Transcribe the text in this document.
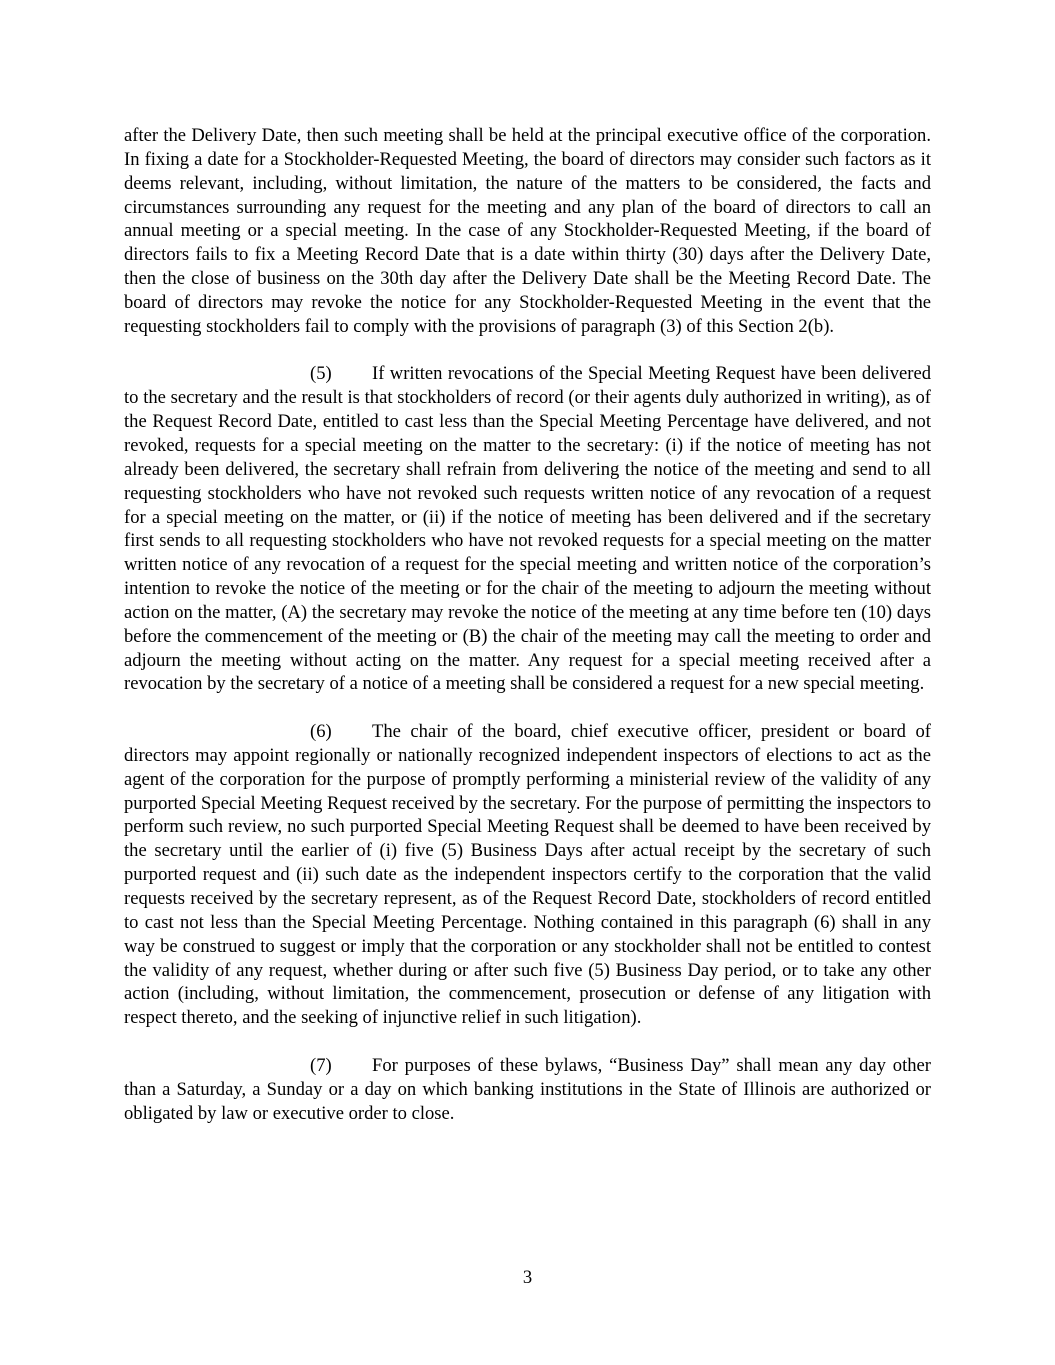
after the Delivery Date, then such meeting shall be held at the principal executive office of the corporation. In fixing a date for a Stockholder-Requested Meeting, the board of directors may consider such factors as it deems relevant, including, without limitation, the nature of the matters to be considered, the facts and circumstances surrounding any request for the meeting and any plan of the board of directors to call an annual meeting or a special meeting. In the case of any Stockholder-Requested Meeting, if the board of directors fails to fix a Meeting Record Date that is a date within thirty (30) days after the Delivery Date, then the close of business on the 30th day after the Delivery Date shall be the Meeting Record Date. The board of directors may revoke the notice for any Stockholder-Requested Meeting in the event that the requesting stockholders fail to comply with the provisions of paragraph (3) of this Section 2(b).

(5) If written revocations of the Special Meeting Request have been delivered to the secretary and the result is that stockholders of record (or their agents duly authorized in writing), as of the Request Record Date, entitled to cast less than the Special Meeting Percentage have delivered, and not revoked, requests for a special meeting on the matter to the secretary: (i) if the notice of meeting has not already been delivered, the secretary shall refrain from delivering the notice of the meeting and send to all requesting stockholders who have not revoked such requests written notice of any revocation of a request for a special meeting on the matter, or (ii) if the notice of meeting has been delivered and if the secretary first sends to all requesting stockholders who have not revoked requests for a special meeting on the matter written notice of any revocation of a request for the special meeting and written notice of the corporation’s intention to revoke the notice of the meeting or for the chair of the meeting to adjourn the meeting without action on the matter, (A) the secretary may revoke the notice of the meeting at any time before ten (10) days before the commencement of the meeting or (B) the chair of the meeting may call the meeting to order and adjourn the meeting without acting on the matter. Any request for a special meeting received after a revocation by the secretary of a notice of a meeting shall be considered a request for a new special meeting.

(6) The chair of the board, chief executive officer, president or board of directors may appoint regionally or nationally recognized independent inspectors of elections to act as the agent of the corporation for the purpose of promptly performing a ministerial review of the validity of any purported Special Meeting Request received by the secretary. For the purpose of permitting the inspectors to perform such review, no such purported Special Meeting Request shall be deemed to have been received by the secretary until the earlier of (i) five (5) Business Days after actual receipt by the secretary of such purported request and (ii) such date as the independent inspectors certify to the corporation that the valid requests received by the secretary represent, as of the Request Record Date, stockholders of record entitled to cast not less than the Special Meeting Percentage. Nothing contained in this paragraph (6) shall in any way be construed to suggest or imply that the corporation or any stockholder shall not be entitled to contest the validity of any request, whether during or after such five (5) Business Day period, or to take any other action (including, without limitation, the commencement, prosecution or defense of any litigation with respect thereto, and the seeking of injunctive relief in such litigation).

(7) For purposes of these bylaws, “Business Day” shall mean any day other than a Saturday, a Sunday or a day on which banking institutions in the State of Illinois are authorized or obligated by law or executive order to close.

3
